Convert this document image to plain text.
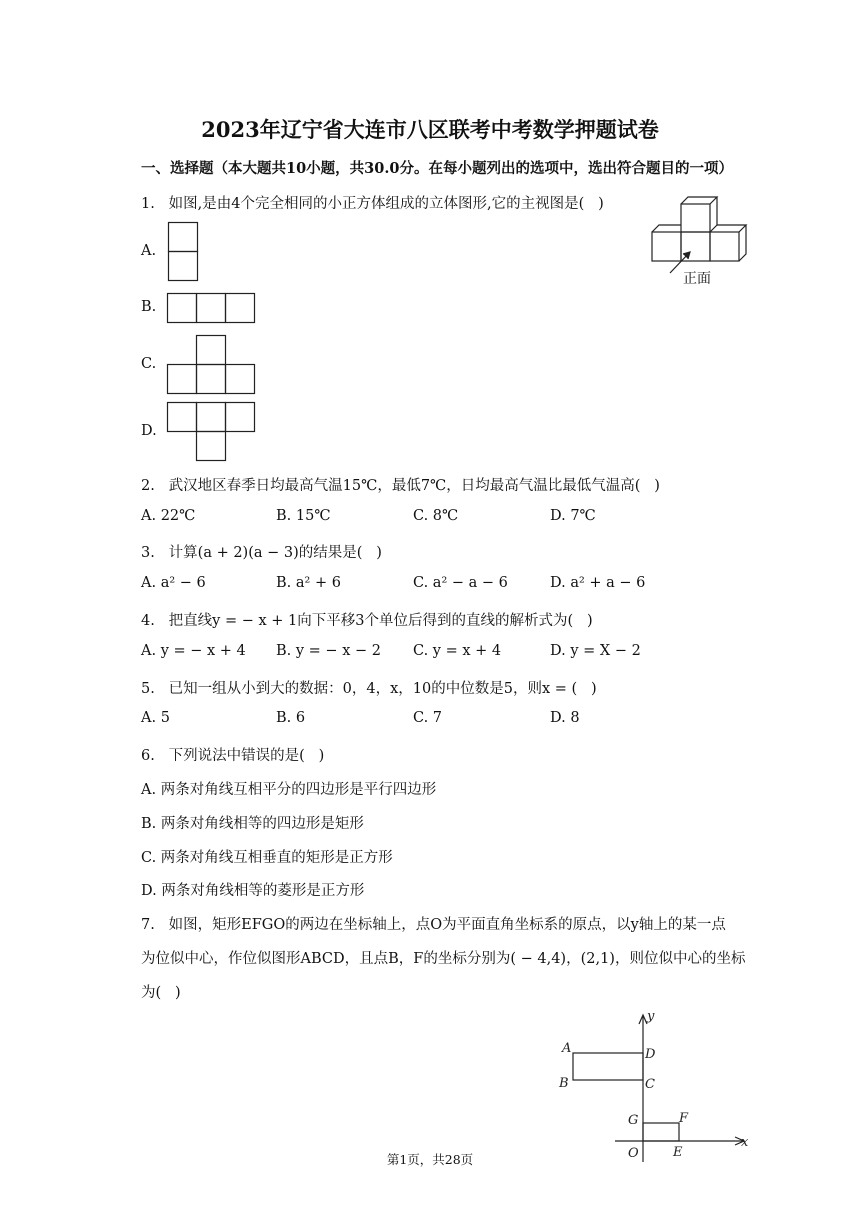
2023年辽宁省大连市八区联考中考数学押题试卷
一、选择题（本大题共10小题，共30.0分。在每小题列出的选项中，选出符合题目的一项）
1.   如图,是由4个完全相同的小正方体组成的立体图形,它的主视图是(   )
正面
A.
B.
C.
D.
2.   武汉地区春季日均最高气温15℃，最低7℃，日均最高气温比最低气温高(   )
A. 22℃	B. 15℃	C. 8℃	D. 7℃
3.   计算(a + 2)(a − 3)的结果是(   )
A. a² − 6	B. a² + 6	C. a² − a − 6	D. a² + a − 6
4.   把直线y = − x + 1向下平移3个单位后得到的直线的解析式为(   )
A. y = − x + 4 B. y = − x − 2 C. y = x + 4	D. y = X − 2
5.   已知一组从小到大的数据：0，4，x，10的中位数是5，则x = (   )
A. 5	B. 6	C. 7	D. 8
6.   下列说法中错误的是(   )
A. 两条对角线互相平分的四边形是平行四边形
B. 两条对角线相等的四边形是矩形
C. 两条对角线互相垂直的矩形是正方形
D. 两条对角线相等的菱形是正方形
7.   如图，矩形EFGO的两边在坐标轴上，点O为平面直角坐标系的原点，以y轴上的某一点
为位似中心，作位似图形ABCD，且点B，F的坐标分别为( − 4,4)，(2,1)，则位似中心的坐标
为(   )
y
x
A
B	C
D
G	F
O	E
第1页，共28页
